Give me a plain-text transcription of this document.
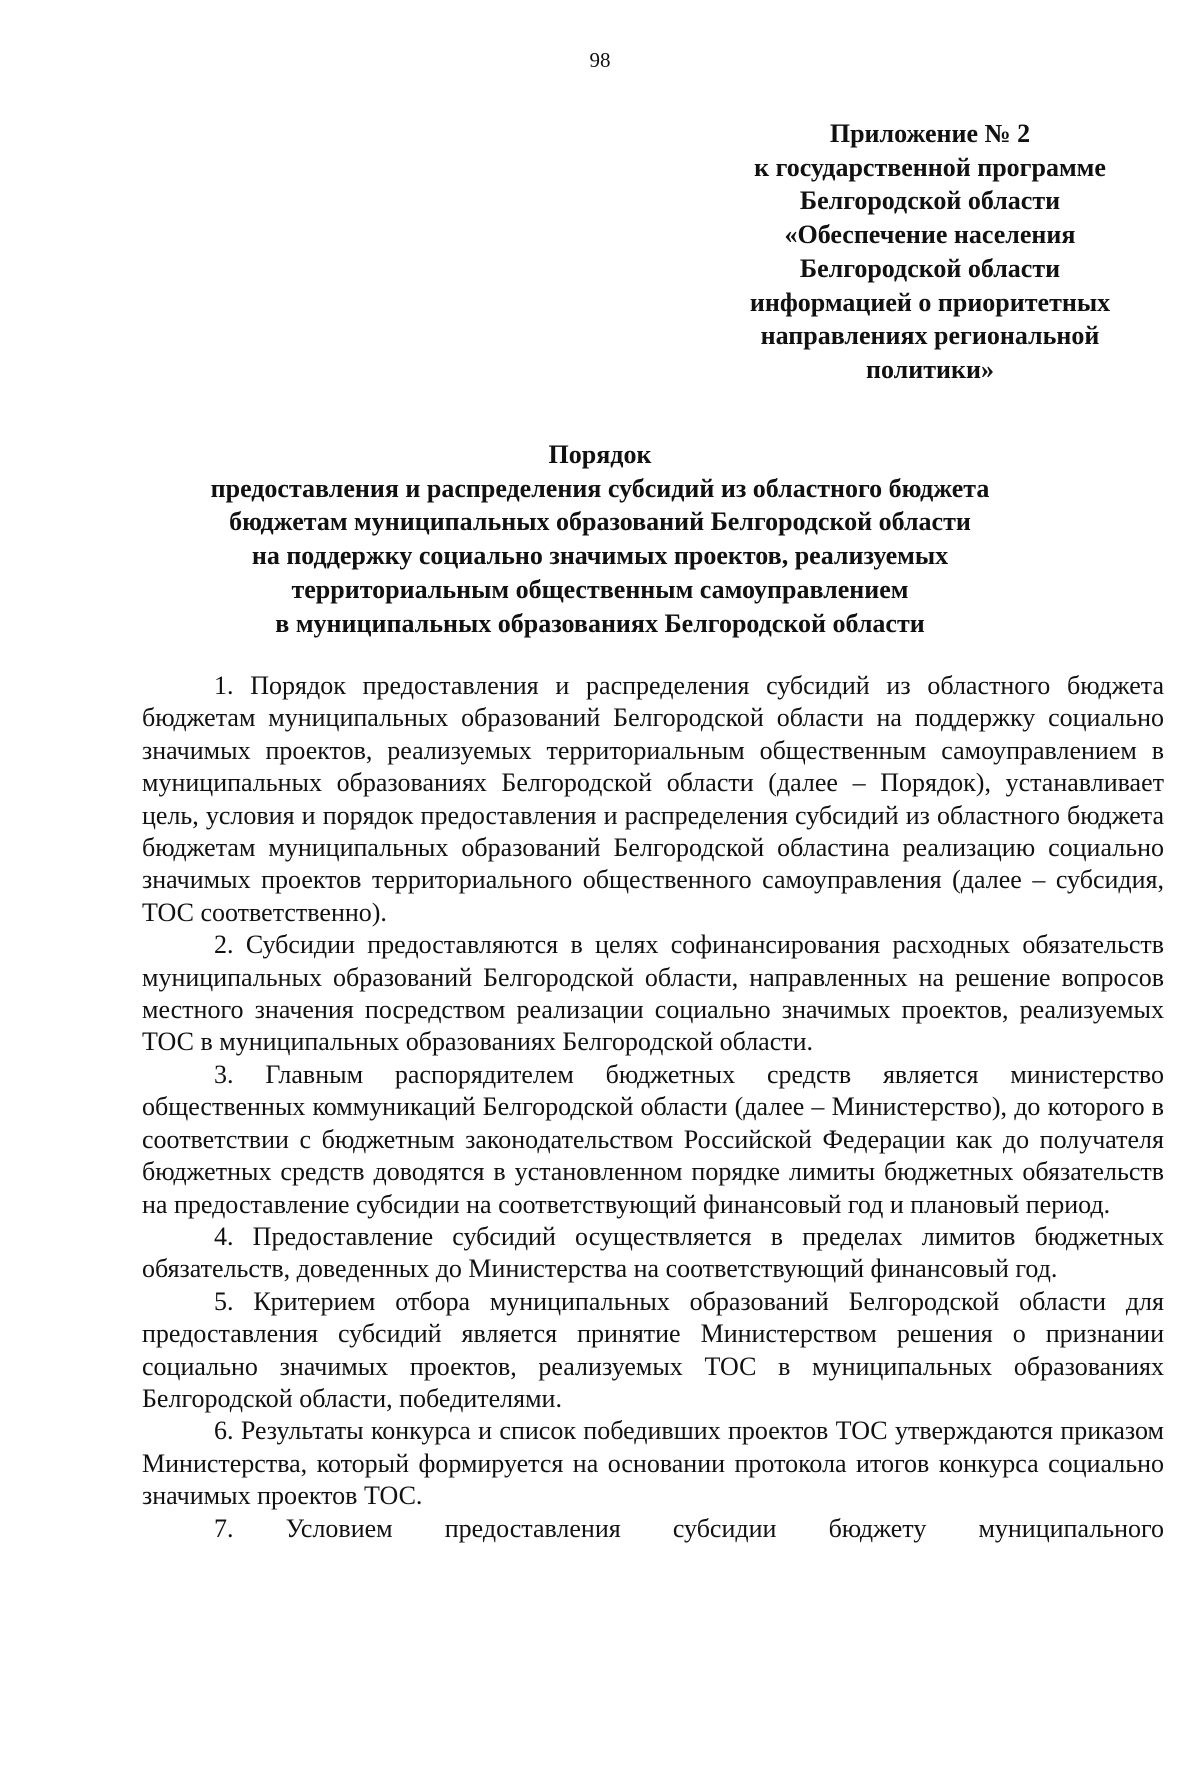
98
Приложение № 2
к государственной программе
Белгородской области
«Обеспечение населения
Белгородской области
информацией о приоритетных
направлениях региональной
политики»
Порядок
предоставления и распределения субсидий из областного бюджета
бюджетам муниципальных образований Белгородской области
на поддержку социально значимых проектов, реализуемых
территориальным общественным самоуправлением
в муниципальных образованиях Белгородской области

1. Порядок предоставления и распределения субсидий из областного бюджета бюджетам муниципальных образований Белгородской области на поддержку социально значимых проектов, реализуемых территориальным общественным самоуправлением в муниципальных образованиях Белгородской области (далее – Порядок), устанавливает цель, условия и порядок предоставления и распределения субсидий из областного бюджета бюджетам муниципальных образований Белгородской областина реализацию социально значимых проектов территориального общественного самоуправления (далее – субсидия, ТОС соответственно).

2. Субсидии предоставляются в целях софинансирования расходных обязательств муниципальных образований Белгородской области, направленных на решение вопросов местного значения посредством реализации социально значимых проектов, реализуемых ТОС в муниципальных образованиях Белгородской области.

3. Главным распорядителем бюджетных средств является министерство общественных коммуникаций Белгородской области (далее – Министерство), до которого в соответствии с бюджетным законодательством Российской Федерации как до получателя бюджетных средств доводятся в установленном порядке лимиты бюджетных обязательств на предоставление субсидии на соответствующий финансовый год и плановый период.

4. Предоставление субсидий осуществляется в пределах лимитов бюджетных обязательств, доведенных до Министерства на соответствующий финансовый год.

5. Критерием отбора муниципальных образований Белгородской области для предоставления субсидий является принятие Министерством решения о признании социально значимых проектов, реализуемых ТОС в муниципальных образованиях Белгородской области, победителями.

6. Результаты конкурса и список победивших проектов ТОС утверждаются приказом Министерства, который формируется на основании протокола итогов конкурса социально значимых проектов ТОС.

7. Условием предоставления субсидии бюджету муниципального
